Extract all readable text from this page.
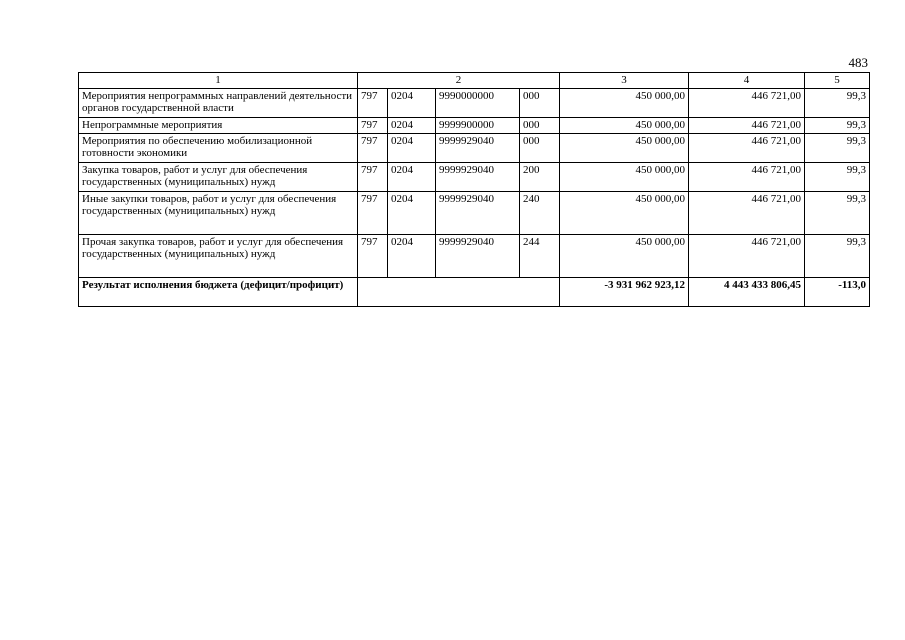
483
1	2				3	4	5
Мероприятия непрограммных направлений деятельности органов государственной власти	797	0204	9990000000	000	450 000,00	446 721,00	99,3
Непрограммные мероприятия	797	0204	9999900000	000	450 000,00	446 721,00	99,3
Мероприятия по обеспечению мобилизационной готовности экономики	797	0204	9999929040	000	450 000,00	446 721,00	99,3
Закупка товаров, работ и услуг для обеспечения государственных (муниципальных) нужд	797	0204	9999929040	200	450 000,00	446 721,00	99,3
Иные закупки товаров, работ и услуг для обеспечения государственных (муниципальных) нужд	797	0204	9999929040	240	450 000,00	446 721,00	99,3
Прочая закупка товаров, работ и услуг для обеспечения государственных (муниципальных) нужд	797	0204	9999929040	244	450 000,00	446 721,00	99,3
Результат исполнения бюджета (дефицит/профицит)					-3 931 962 923,12	4 443 433 806,45	-113,0
